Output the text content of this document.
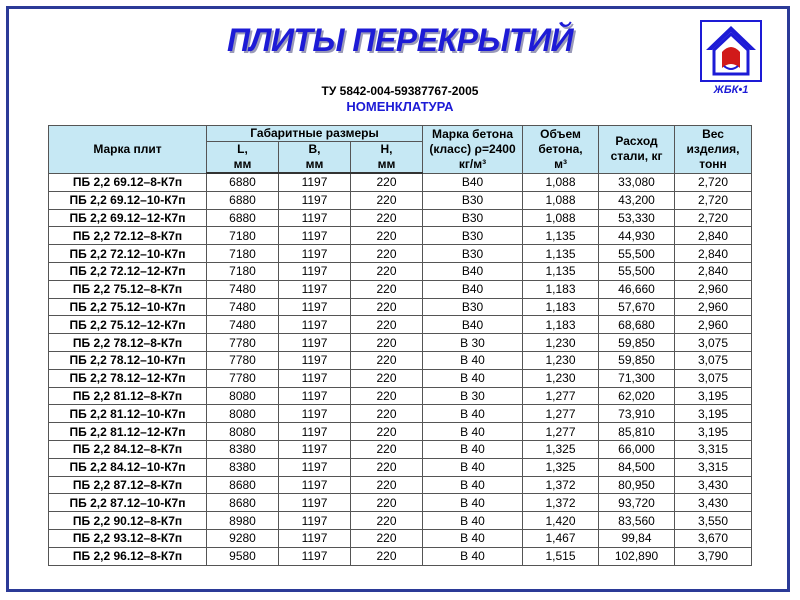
ПЛИТЫ ПЕРЕКРЫТИЙ
ТУ 5842-004-59387767-2005
НОМЕНКЛАТУРА
ЖБК•1
Марка плит	Габаритные размеры			Марка бетона (класс) ρ=2400 кг/м³	Объем бетона, м³	Расход стали, кг	Вес изделия, тонн
	L, мм	B, мм	H, мм				
ПБ 2,2 69.12–8-К7п	6880	1197	220	B40	1,088	33,080	2,720
ПБ 2,2 69.12–10-К7п	6880	1197	220	B30	1,088	43,200	2,720
ПБ 2,2 69.12–12-К7п	6880	1197	220	B30	1,088	53,330	2,720
ПБ 2,2 72.12–8-К7п	7180	1197	220	B30	1,135	44,930	2,840
ПБ 2,2 72.12–10-К7п	7180	1197	220	B30	1,135	55,500	2,840
ПБ 2,2 72.12–12-К7п	7180	1197	220	B40	1,135	55,500	2,840
ПБ 2,2 75.12–8-К7п	7480	1197	220	B40	1,183	46,660	2,960
ПБ 2,2 75.12–10-К7п	7480	1197	220	B30	1,183	57,670	2,960
ПБ 2,2 75.12–12-К7п	7480	1197	220	B40	1,183	68,680	2,960
ПБ 2,2 78.12–8-К7п	7780	1197	220	B 30	1,230	59,850	3,075
ПБ 2,2 78.12–10-К7п	7780	1197	220	B 40	1,230	59,850	3,075
ПБ 2,2 78.12–12-К7п	7780	1197	220	B 40	1,230	71,300	3,075
ПБ 2,2 81.12–8-К7п	8080	1197	220	B 30	1,277	62,020	3,195
ПБ 2,2 81.12–10-К7п	8080	1197	220	B 40	1,277	73,910	3,195
ПБ 2,2 81.12–12-К7п	8080	1197	220	B 40	1,277	85,810	3,195
ПБ 2,2 84.12–8-К7п	8380	1197	220	B 40	1,325	66,000	3,315
ПБ 2,2 84.12–10-К7п	8380	1197	220	B 40	1,325	84,500	3,315
ПБ 2,2 87.12–8-К7п	8680	1197	220	B 40	1,372	80,950	3,430
ПБ 2,2 87.12–10-К7п	8680	1197	220	B 40	1,372	93,720	3,430
ПБ 2,2 90.12–8-К7п	8980	1197	220	B 40	1,420	83,560	3,550
ПБ 2,2 93.12–8-К7п	9280	1197	220	B 40	1,467	99,84	3,670
ПБ 2,2 96.12–8-К7п	9580	1197	220	B 40	1,515	102,890	3,790
